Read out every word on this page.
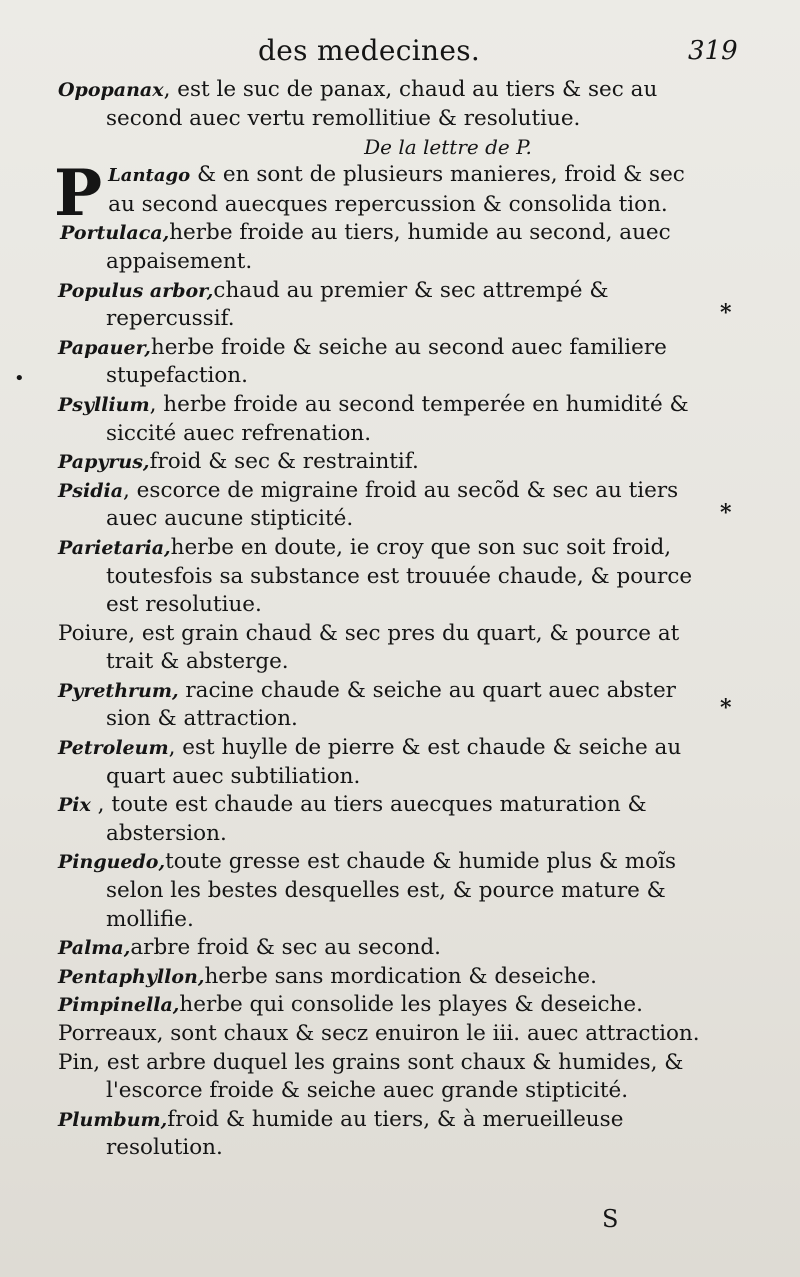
des medecines.	319

Opopanax, est le suc de panax, chaud au tiers & sec au second auec vertu remollitiue & resolutiue.

De la lettre de P.

P Lantago & en sont de plusieurs manieres, froid & sec au second auecques repercussion & consolida tion.

Portulaca,herbe froide au tiers, humide au second, auec appaisement.

Populus arbor,chaud au premier & sec attrempé & repercussif.

Papauer,herbe froide & seiche au second auec familiere stupefaction.

Psyllium, herbe froide au second temperée en humidité & siccité auec refrenation.

Papyrus,froid & sec & restraintif.

Psidia, escorce de migraine froid au secõd & sec au tiers auec aucune stipticité.

Parietaria,herbe en doute, ie croy que son suc soit froid, toutesfois sa substance est trouuée chaude, & pource est resolutiue.

Poiure, est grain chaud & sec pres du quart, & pource at trait & absterge.

Pyrethrum, racine chaude & seiche au quart auec abster sion & attraction.

Petroleum, est huylle de pierre & est chaude & seiche au quart auec subtiliation.

Pix , toute est chaude au tiers auecques maturation & abstersion.

Pinguedo,toute gresse est chaude & humide plus & moĩs selon les bestes desquelles est, & pource mature & mollifie.

Palma,arbre froid & sec au second.

Pentaphyllon,herbe sans mordication & deseiche.

Pimpinella,herbe qui consolide les playes & deseiche.

Porreaux, sont chaux & secz enuiron le iii. auec attraction.

Pin, est arbre duquel les grains sont chaux & humides, & l'escorce froide & seiche auec grande stipticité.

Plumbum,froid & humide au tiers, & à merueilleuse resolution.

*
*
*
•
S
